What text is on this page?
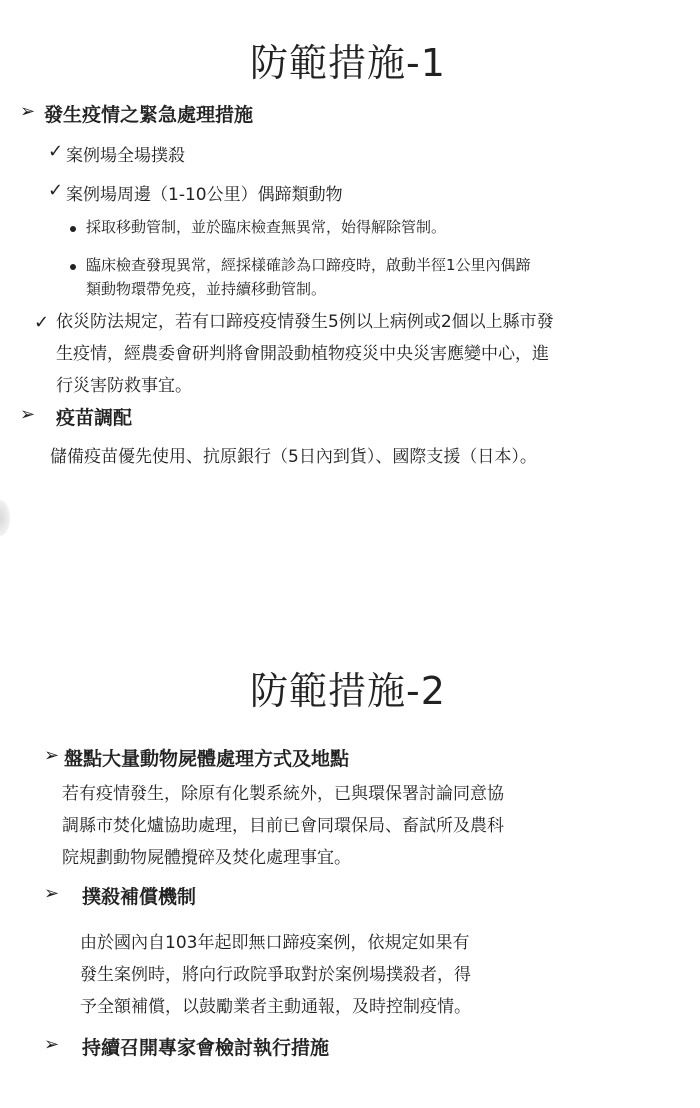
防範措施-1
➢ 發生疫情之緊急處理措施
✓ 案例場全場撲殺
✓ 案例場周邊（1-10公里）偶蹄類動物
採取移動管制，並於臨床檢查無異常，始得解除管制。
臨床檢查發現異常，經採樣確診為口蹄疫時，啟動半徑1公里內偶蹄
類動物環帶免疫，並持續移動管制。
✓ 依災防法規定，若有口蹄疫疫情發生5例以上病例或2個以上縣市發
生疫情，經農委會研判將會開設動植物疫災中央災害應變中心，進
行災害防救事宜。
➢ 疫苗調配
儲備疫苗優先使用、抗原銀行（5日內到貨）、國際支援（日本）。
防範措施-2
➢ 盤點大量動物屍體處理方式及地點
若有疫情發生，除原有化製系統外，已與環保署討論同意協
調縣市焚化爐協助處理，目前已會同環保局、畜試所及農科
院規劃動物屍體攪碎及焚化處理事宜。
➢ 撲殺補償機制
由於國內自103年起即無口蹄疫案例，依規定如果有
發生案例時，將向行政院爭取對於案例場撲殺者，得
予全額補償，以鼓勵業者主動通報，及時控制疫情。
➢ 持續召開專家會檢討執行措施
